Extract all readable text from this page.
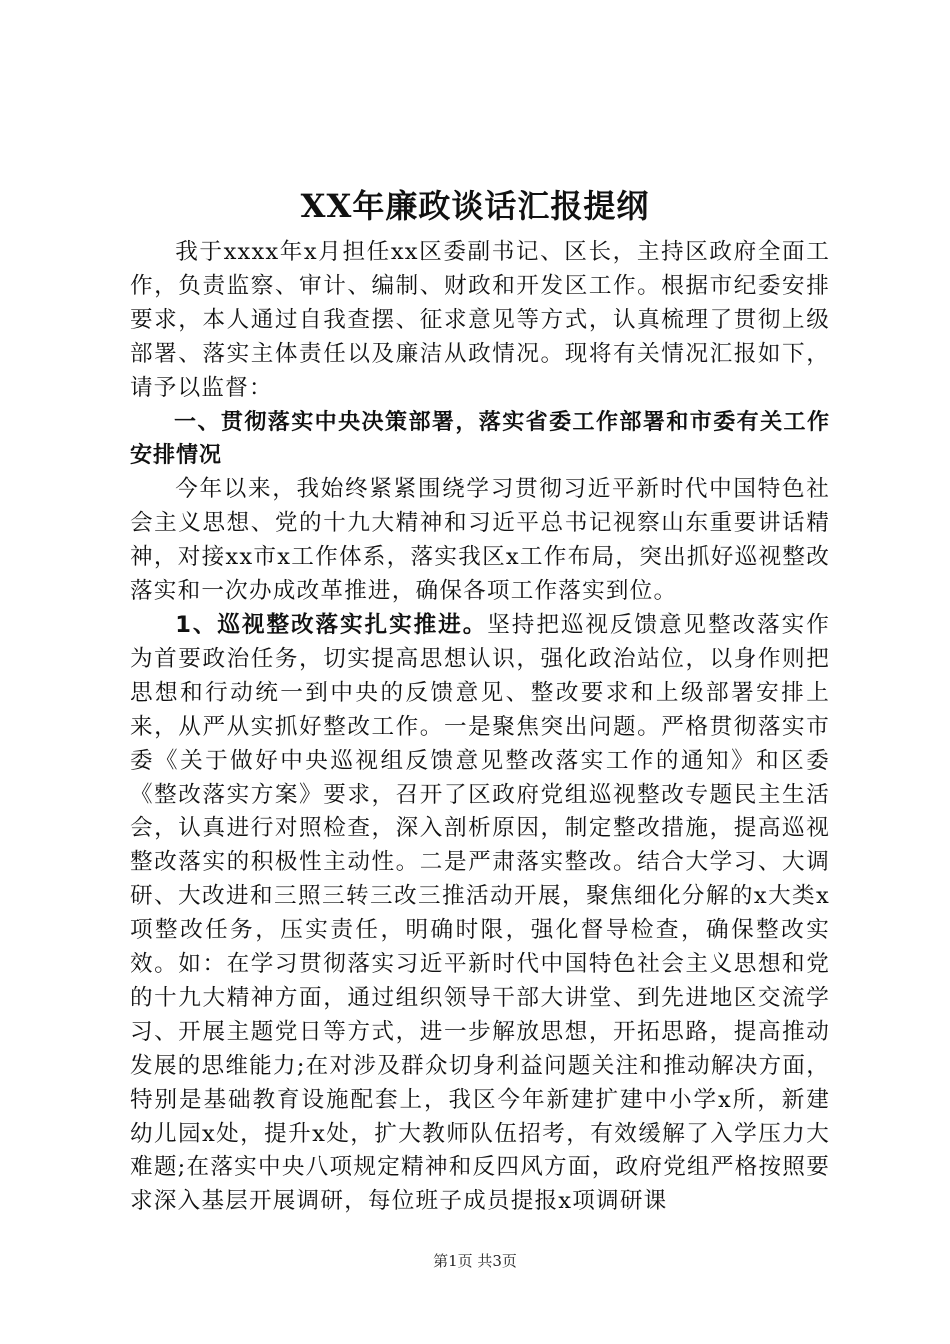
XX年廉政谈话汇报提纲

我于xxxx年x月担任xx区委副书记、区长，主持区政府全面工作，负责监察、审计、编制、财政和开发区工作。根据市纪委安排要求，本人通过自我查摆、征求意见等方式，认真梳理了贯彻上级部署、落实主体责任以及廉洁从政情况。现将有关情况汇报如下，请予以监督：

一、贯彻落实中央决策部署，落实省委工作部署和市委有关工作安排情况

今年以来，我始终紧紧围绕学习贯彻习近平新时代中国特色社会主义思想、党的十九大精神和习近平总书记视察山东重要讲话精神，对接xx市x工作体系，落实我区x工作布局，突出抓好巡视整改落实和一次办成改革推进，确保各项工作落实到位。

1、巡视整改落实扎实推进。坚持把巡视反馈意见整改落实作为首要政治任务，切实提高思想认识，强化政治站位，以身作则把思想和行动统一到中央的反馈意见、整改要求和上级部署安排上来，从严从实抓好整改工作。一是聚焦突出问题。严格贯彻落实市委《关于做好中央巡视组反馈意见整改落实工作的通知》和区委《整改落实方案》要求，召开了区政府党组巡视整改专题民主生活会，认真进行对照检查，深入剖析原因，制定整改措施，提高巡视整改落实的积极性主动性。二是严肃落实整改。结合大学习、大调研、大改进和三照三转三改三推活动开展，聚焦细化分解的x大类x项整改任务，压实责任，明确时限，强化督导检查，确保整改实效。如：在学习贯彻落实习近平新时代中国特色社会主义思想和党的十九大精神方面，通过组织领导干部大讲堂、到先进地区交流学习、开展主题党日等方式，进一步解放思想，开拓思路，提高推动发展的思维能力;在对涉及群众切身利益问题关注和推动解决方面，特别是基础教育设施配套上，我区今年新建扩建中小学x所，新建幼儿园x处，提升x处，扩大教师队伍招考，有效缓解了入学压力大难题;在落实中央八项规定精神和反四风方面，政府党组严格按照要求深入基层开展调研，每位班子成员提报x项调研课

第1页 共3页
